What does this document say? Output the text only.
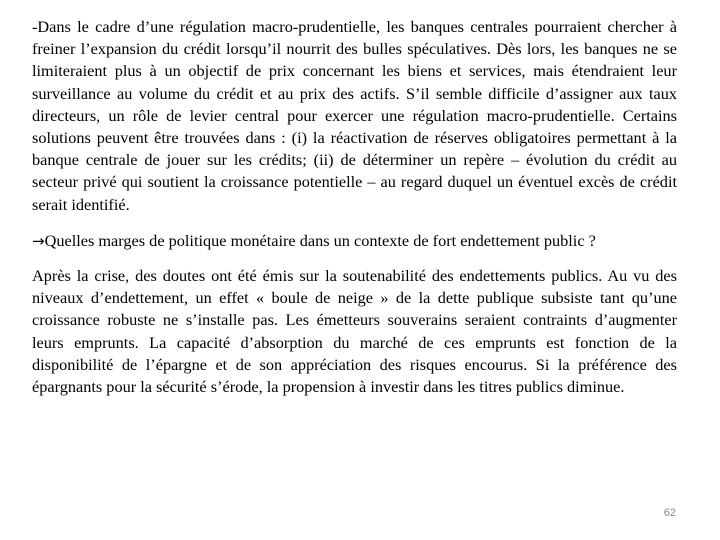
-Dans le cadre d’une régulation macro-prudentielle, les banques centrales pourraient chercher à freiner l’expansion du crédit lorsqu’il nourrit des bulles spéculatives. Dès lors, les banques ne se limiteraient plus à un objectif de prix concernant les biens et services, mais étendraient leur surveillance au volume du crédit et au prix des actifs. S’il semble difficile d’assigner aux taux directeurs, un rôle de levier central pour exercer une régulation macro-prudentielle. Certains solutions peuvent être trouvées dans : (i) la réactivation de réserves obligatoires permettant à la banque centrale de jouer sur les crédits; (ii) de déterminer un repère – évolution du crédit au secteur privé qui soutient la croissance potentielle – au regard duquel un éventuel excès de crédit serait identifié.

→Quelles marges de politique monétaire dans un contexte de fort endettement public ?

Après la crise, des doutes ont été émis sur la soutenabilité des endettements publics. Au vu des niveaux d’endettement, un effet « boule de neige » de la dette publique subsiste tant qu’une croissance robuste ne s’installe pas. Les émetteurs souverains seraient contraints d’augmenter leurs emprunts. La capacité d’absorption du marché de ces emprunts est fonction de la disponibilité de l’épargne et de son appréciation des risques encourus. Si la préférence des épargnants pour la sécurité s’érode, la propension à investir dans les titres publics diminue.

62
